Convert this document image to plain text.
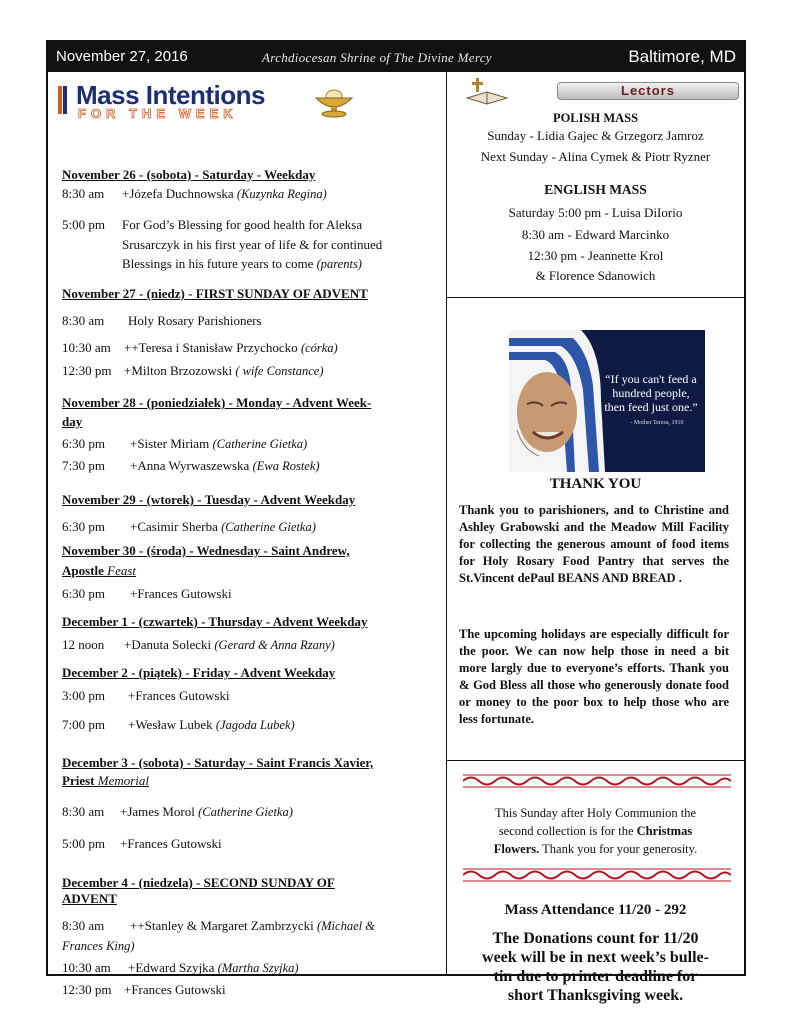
November 27, 2016	Archdiocesan Shrine of The Divine Mercy	Baltimore, MD
Mass Intentions
FOR THE WEEK
November 26 - (sobota) - Saturday - Weekday
8:30 am +Józefa Duchnowska (Kuzynka Regina)
5:00 pm For God’s Blessing for good health for Aleksa
Srusarczyk in his first year of life & for continued
Blessings in his future years to come (parents)
November 27 - (niedz) - FIRST SUNDAY OF ADVENT
8:30 am Holy Rosary Parishioners
10:30 am ++Teresa i Stanisław Przychocko (córka)
12:30 pm +Milton Brzozowski ( wife Constance)
November 28 - (poniedziałek) - Monday - Advent Week-
day
6:30 pm +Sister Miriam (Catherine Gietka)
7:30 pm +Anna Wyrwaszewska (Ewa Rostek)
November 29 - (wtorek) - Tuesday - Advent Weekday
6:30 pm +Casimir Sherba (Catherine Gietka)
November 30 - (środa) - Wednesday - Saint Andrew,
Apostle Feast
6:30 pm +Frances Gutowski
December 1 - (czwartek) - Thursday - Advent Weekday
12 noon +Danuta Solecki (Gerard & Anna Rzany)
December 2 - (piątek) - Friday - Advent Weekday
3:00 pm +Frances Gutowski
7:00 pm +Wesław Lubek (Jagoda Lubek)
December 3 - (sobota) - Saturday - Saint Francis Xavier,
Priest Memorial
8:30 am +James Morol (Catherine Gietka)
5:00 pm +Frances Gutowski
December 4 - (niedzela) - SECOND SUNDAY OF
ADVENT
8:30 am ++Stanley & Margaret Zambrzycki (Michael &
Frances King)
10:30 am +Edward Szyjka (Martha Szyjka)
12:30 pm +Frances Gutowski
Lectors
POLISH MASS
Sunday - Lidia Gajec & Grzegorz Jamroz
Next Sunday - Alina Cymek & Piotr Ryzner
ENGLISH MASS
Saturday 5:00 pm - Luisa DiIorio
8:30 am - Edward Marcinko
12:30 pm - Jeannette Krol
& Florence Sdanowich
“If you can't feed a hundred people, then feed just one.”
- Mother Teresa, 1910
THANK YOU
Thank you to parishioners, and to Christine and Ashley Grabowski and the Meadow Mill Facility for collecting the generous amount of food items for Holy Rosary Food Pantry that serves the St.Vincent dePaul BEANS AND BREAD .
The upcoming holidays are especially difficult for the poor. We can now help those in need a bit more largly due to everyone’s efforts. Thank you & God Bless all those who generously donate food or money to the poor box to help those who are less fortunate.
This Sunday after Holy Communion the
second collection is for the Christmas
Flowers. Thank you for your generosity.
Mass Attendance 11/20 - 292
The Donations count for 11/20
week will be in next week’s bulle-
tin due to printer deadline for
short Thanksgiving week.
